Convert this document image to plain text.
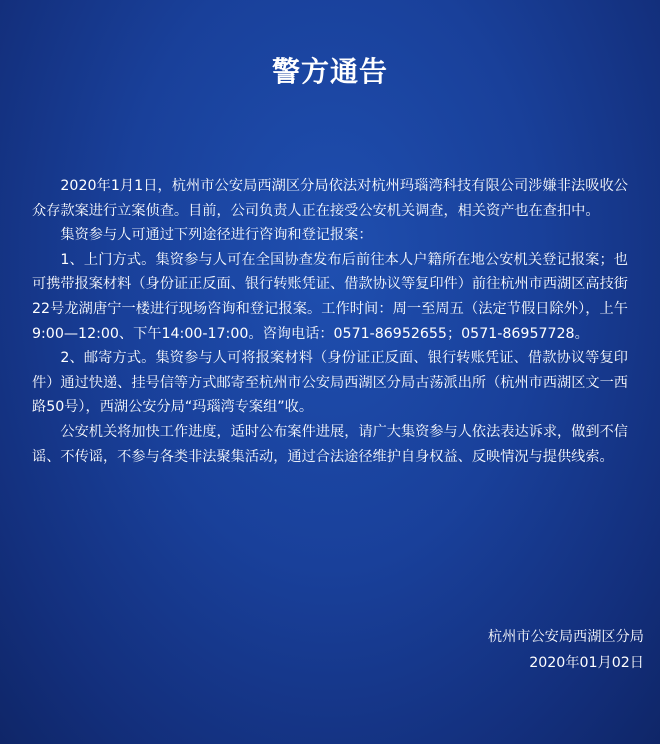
警方通告

2020年1月1日，杭州市公安局西湖区分局依法对杭州玛瑙湾科技有限公司涉嫌非法吸收公众存款案进行立案侦查。目前，公司负责人正在接受公安机关调查，相关资产也在查扣中。

集资参与人可通过下列途径进行咨询和登记报案：

1、上门方式。集资参与人可在全国协查发布后前往本人户籍所在地公安机关登记报案；也可携带报案材料（身份证正反面、银行转账凭证、借款协议等复印件）前往杭州市西湖区高技街22号龙湖唐宁一楼进行现场咨询和登记报案。工作时间：周一至周五（法定节假日除外），上午9:00—12:00、下午14:00-17:00。咨询电话：0571-86952655；0571-86957728。

2、邮寄方式。集资参与人可将报案材料（身份证正反面、银行转账凭证、借款协议等复印件）通过快递、挂号信等方式邮寄至杭州市公安局西湖区分局古荡派出所（杭州市西湖区文一西路50号），西湖公安分局“玛瑙湾专案组”收。

公安机关将加快工作进度，适时公布案件进展，请广大集资参与人依法表达诉求，做到不信谣、不传谣，不参与各类非法聚集活动，通过合法途径维护自身权益、反映情况与提供线索。

杭州市公安局西湖区分局
2020年01月02日
